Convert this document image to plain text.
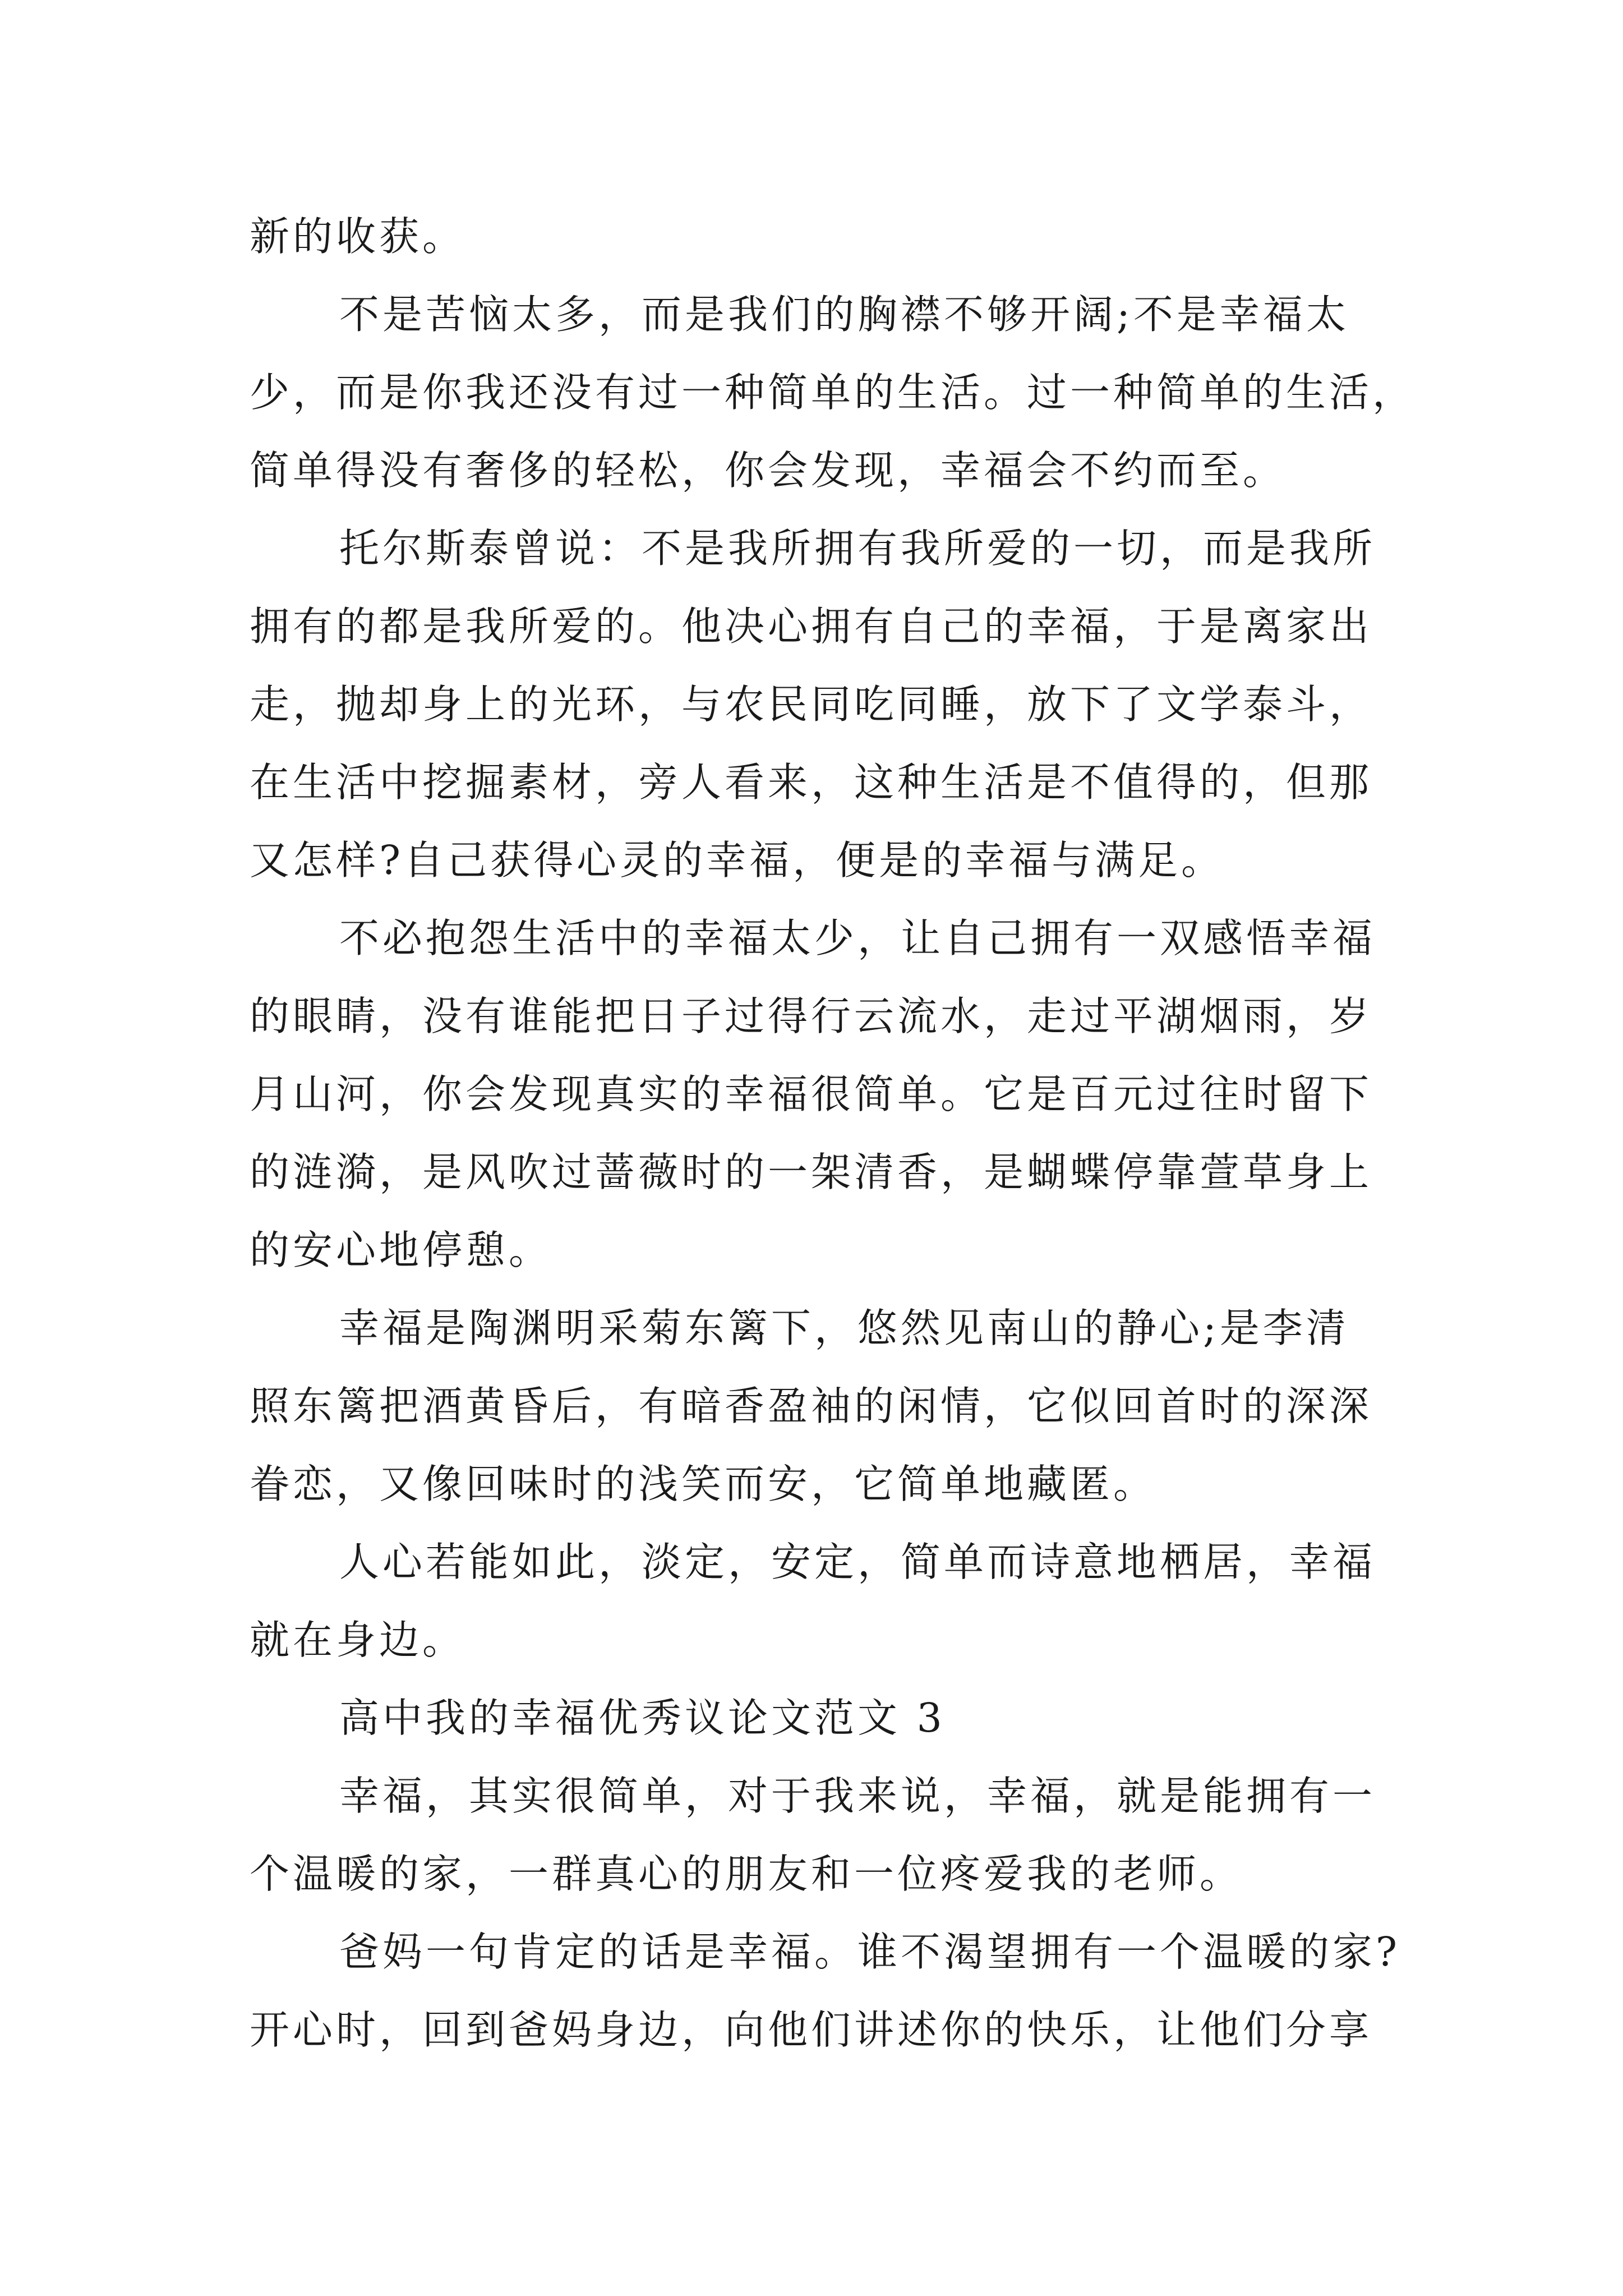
新的收获。
不是苦恼太多，而是我们的胸襟不够开阔;不是幸福太
少，而是你我还没有过一种简单的生活。过一种简单的生活，
简单得没有奢侈的轻松，你会发现，幸福会不约而至。
托尔斯泰曾说：不是我所拥有我所爱的一切，而是我所
拥有的都是我所爱的。他决心拥有自己的幸福，于是离家出
走，抛却身上的光环，与农民同吃同睡，放下了文学泰斗，
在生活中挖掘素材，旁人看来，这种生活是不值得的，但那
又怎样?自己获得心灵的幸福，便是的幸福与满足。
不必抱怨生活中的幸福太少，让自己拥有一双感悟幸福
的眼睛，没有谁能把日子过得行云流水，走过平湖烟雨，岁
月山河，你会发现真实的幸福很简单。它是百元过往时留下
的涟漪，是风吹过蔷薇时的一架清香，是蝴蝶停靠萱草身上
的安心地停憩。
幸福是陶渊明采菊东篱下，悠然见南山的静心;是李清
照东篱把酒黄昏后，有暗香盈袖的闲情，它似回首时的深深
眷恋，又像回味时的浅笑而安，它简单地藏匿。
人心若能如此，淡定，安定，简单而诗意地栖居，幸福
就在身边。
高中我的幸福优秀议论文范文 3
幸福，其实很简单，对于我来说，幸福，就是能拥有一
个温暖的家，一群真心的朋友和一位疼爱我的老师。
爸妈一句肯定的话是幸福。谁不渴望拥有一个温暖的家?
开心时，回到爸妈身边，向他们讲述你的快乐，让他们分享
